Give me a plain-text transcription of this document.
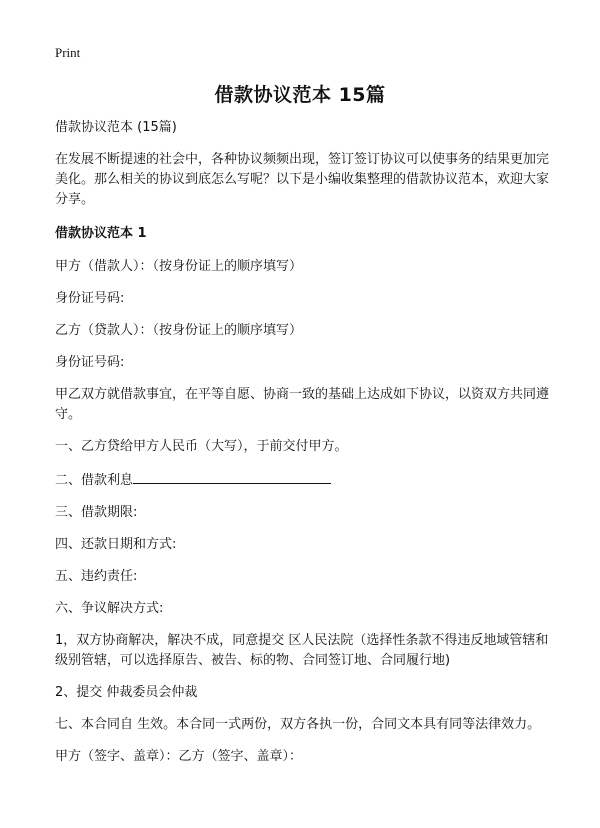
Print
借款协议范本 15篇

借款协议范本 (15篇)

在发展不断提速的社会中，各种协议频频出现，签订签订协议可以使事务的结果更加完美化。那么相关的协议到底怎么写呢？以下是小编收集整理的借款协议范本，欢迎大家分享。

借款协议范本 1

甲方（借款人）：（按身份证上的顺序填写）

身份证号码:

乙方（贷款人）：（按身份证上的顺序填写）

身份证号码:

甲乙双方就借款事宜，在平等自愿、协商一致的基础上达成如下协议，以资双方共同遵守。

一、乙方贷给甲方人民币（大写），于前交付甲方。

二、借款利息

三、借款期限:

四、还款日期和方式:

五、违约责任:

六、争议解决方式:

1，双方协商解决，解决不成，同意提交 区人民法院（选择性条款不得违反地域管辖和级别管辖，可以选择原告、被告、标的物、合同签订地、合同履行地)

2、提交 仲裁委员会仲裁

七、本合同自 生效。本合同一式两份，双方各执一份，合同文本具有同等法律效力。

甲方（签字、盖章）：乙方（签字、盖章）：
